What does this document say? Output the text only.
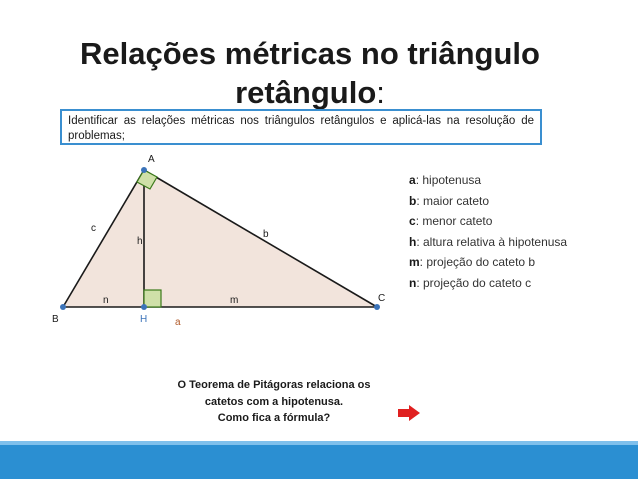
Relações métricas no triângulo
retângulo:
Identificar as relações métricas nos triângulos retângulos e aplicá-las na resolução de problemas;
A
B
C
H
c
h
b
n	m
a
a: hipotenusa
b: maior cateto
c: menor cateto
h: altura relativa à hipotenusa
m: projeção do cateto b
n: projeção do cateto c
O Teorema de Pitágoras relaciona os
catetos com a hipotenusa.
Como fica a fórmula?
